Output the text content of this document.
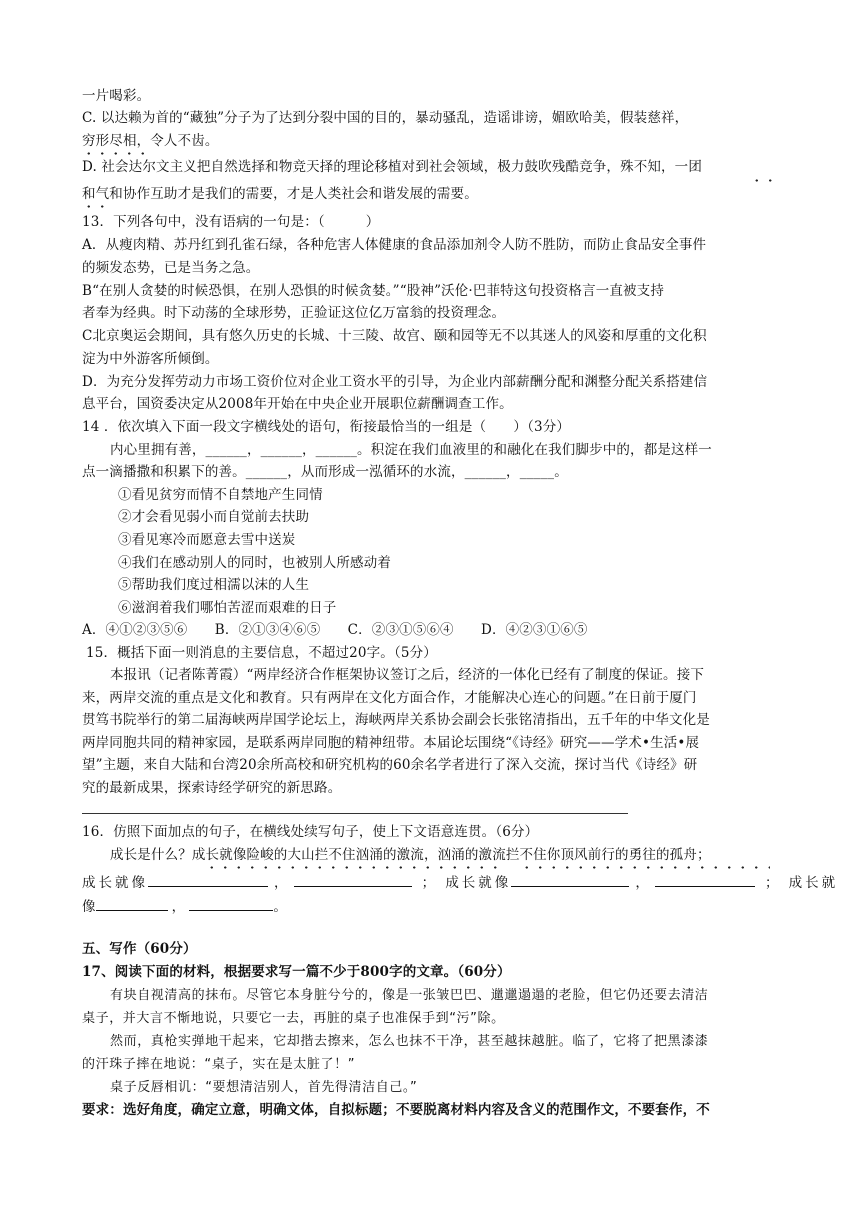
一片喝彩。
C. 以达赖为首的“藏独”分子为了达到分裂中国的目的，暴动骚乱，造谣诽谤，媚欧哈美，假装慈祥，
穷形尽相，令人不齿。
D. 社会达尔文主义把自然选择和物竞天择的理论移植对到社会领域，极力鼓吹残酷竞争，殊不知，一团
和气和协作互助才是我们的需要，才是人类社会和谐发展的需要。
13．下列各句中，没有语病的一句是：（　　　）
A．从瘦肉精、苏丹红到孔雀石绿，各种危害人体健康的食品添加剂令人防不胜防，而防止食品安全事件
的频发态势，已是当务之急。
B“在别人贪婪的时候恐惧，在别人恐惧的时候贪婪。”“股神”沃伦·巴菲特这句投资格言一直被支持
者奉为经典。时下动荡的全球形势，正验证这位亿万富翁的投资理念。
C北京奥运会期间，具有悠久历史的长城、十三陵、故宫、颐和园等无不以其迷人的风姿和厚重的文化积
淀为中外游客所倾倒。
D．为充分发挥劳动力市场工资价位对企业工资水平的引导，为企业内部薪酬分配和渊整分配关系搭建信
息平台，国资委决定从2008年开始在中央企业开展职位薪酬调查工作。
14 ．依次填入下面一段文字横线处的语句，衔接最恰当的一组是（　　）（3分）
内心里拥有善，______，______，______。积淀在我们血液里的和融化在我们脚步中的，都是这样一
点一滴播撒和积累下的善。______，从而形成一泓循环的水流，______，_____。
①看见贫穷而情不自禁地产生同情
②才会看见弱小而自觉前去扶助
③看见寒冷而愿意去雪中送炭
④我们在感动别人的同时，也被别人所感动着
⑤帮助我们度过相濡以沫的人生
⑥滋润着我们哪怕苦涩而艰难的日子
A．④①②③⑤⑥　　B．②①③④⑥⑤　　C．②③①⑤⑥④　　D．④②③①⑥⑤
15．概括下面一则消息的主要信息，不超过20字。（5分）
本报讯（记者陈菁霞）“两岸经济合作框架协议签订之后，经济的一体化已经有了制度的保证。接下
来，两岸交流的重点是文化和教育。只有两岸在文化方面合作，才能解决心连心的问题。”在日前于厦门
贯笃书院举行的第二届海峡两岸国学论坛上，海峡两岸关系协会副会长张铭清指出，五千年的中华文化是
两岸同胞共同的精神家园，是联系两岸同胞的精神纽带。本届论坛围绕“《诗经》研究——学术•生活•展
望”主题，来自大陆和台湾20余所高校和研究机构的60余名学者进行了深入交流，探讨当代《诗经》研
究的最新成果，探索诗经学研究的新思路。
16．仿照下面加点的句子，在横线处续写句子，使上下文语意连贯。（6分）
成长是什么？成长就像险峻的大山拦不住汹涌的激流，汹涌的激流拦不住你顶风前行的勇往的孤舟；
成长就像	，	； 成长就像	，	； 成长就
像	，	。
五、写作（60分）
17、阅读下面的材料，根据要求写一篇不少于800字的文章。（60分）
有块自视清高的抹布。尽管它本身脏兮兮的，像是一张皱巴巴、邋邋遢遢的老脸，但它仍还要去清洁
桌子，并大言不惭地说，只要它一去，再脏的桌子也准保手到“污”除。
然而，真枪实弹地干起来，它却揩去擦来，怎么也抹不干净，甚至越抹越脏。临了，它将了把黑漆漆
的汗珠子摔在地说：“桌子，实在是太脏了！”
桌子反唇相讥：“要想清洁别人，首先得清洁自己。”
要求：选好角度，确定立意，明确文体，自拟标题；不要脱离材料内容及含义的范围作文，不要套作，不
